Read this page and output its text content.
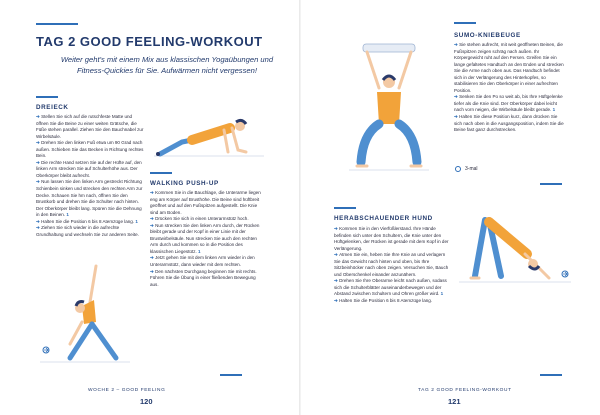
TAG 2 GOOD FEELING-WORKOUT
Weiter geht's mit einem Mix aus klassischen Yogaübungen und Fitness-Quickies für Sie. Aufwärmen nicht vergessen!
DREIECK

➔ Stellen Sie sich auf die rutschfeste Matte und öffnen Sie die Beine zu einer weiten Grätsche, die Füße stehen parallel. Ziehen Sie den Bauchnabel zur Wirbelsäule.

➔ Drehen Sie den linken Fuß etwa um 90 Grad nach außen. Schieben Sie das Becken in Richtung rechtes Bein.

➔ Die rechte Hand setzen Sie auf der Hüfte auf, den linken Arm strecken Sie auf Schulterhöhe aus. Der Oberkörper bleibt aufrecht.

➔ Nun lassen Sie den linken Arm gestreckt Richtung Schienbein sinken und strecken den rechten Arm zur Decke. Schauen Sie hm nach, öffnen Sie den Brustkorb und drehen Sie die Schulter nach hinten. Der Oberkörper bleibt lang. Spüren Sie die Dehnung in den Beinen. 1

➔ Halten Sie die Position 6 bis 8 Atemzüge lang. 1

➔ Ziehen Sie sich wieder in die aufrechte Grundhaltung und wechseln Sie zur anderen Seite.

WALKING PUSH-UP

➔ Kommen Sie in die Bauchlage, die Unterarme liegen eng am Körper auf Brusthöhe. Die Beine sind hüftbreit geöffnet und auf den Fußspitzen aufgestellt. Die Knie sind am Boden.

➔ Drücken Sie sich in einen Unterarmstütz hoch.

➔ Nun strecken Sie den linken Arm durch, der Rücken bleibt gerade und der Kopf in einer Linie mit der Brustwirbelsäule. Nun strecken Sie auch den rechten Arm durch und kommen so in die Position des klassischen Liegestütz. 1

➔ Jetzt gehen Sie mit dem linken Arm wieder in den Unterarmstütz, dann wieder mit dem rechten.

➔ Den nächsten Durchgang beginnen Sie mit rechts. Führen Sie die Übung in einer fließenden Bewegung aus.

WOCHE 2 – GOOD FEELING
120
SUMO-KNIEBEUGE

➔ Sie stehen aufrecht, mit weit geöffneten Beinen, die Fußspitzen zeigen schräg nach außen. Ihr Körpergewicht ruht auf den Fersen. Greifen Sie ein lange gefaltetes Handtuch an den Enden und strecken Sie die Arme nach oben aus. Das Handtuch befindet sich in der Verlängerung des Hinterkopfes, so stabilisieren Sie den Oberkörper in einer aufrechten Position.

➔ Senken Sie den Po so weit ab, bis Ihre Hüftgelenke tiefer als die Knie sind. Der Oberkörper dabei leicht nach vorn neigen, die Wirbelsäule bleibt gerade. 1

➔ Halten Sie diese Position kurz, dann drücken Sie sich nach oben in die Ausgangsposition, indem Sie die Beine fast ganz durchstrecken.

3-mal
HERABSCHAUENDER HUND

➔ Kommen Sie in den Vierfüßlerstand. Ihre Hände befinden sich unter den Schultern, die Knie unter den Hüftgelenken, der Rücken ist gerade mit dem Kopf in der Verlängerung.

➔ Atmen Sie ein, heben Sie Ihre Knie an und verlagern Sie das Gewicht nach hinten und oben, bis Ihre Sitzbeinhöcker nach oben zeigen. Versuchen Sie, Bauch und Oberschenkel einander anzunähern.

➔ Drehen Sie Ihre Oberarme leicht nach außen, sodass sich die Schulterblätter auseinanderbewegen und der Abstand zwischen Schultern und Ohren größer wird. 1

➔ Halten Sie die Position 6 bis 8 Atemzüge lang.

TAG 2 GOOD FEELING-WORKOUT
121
